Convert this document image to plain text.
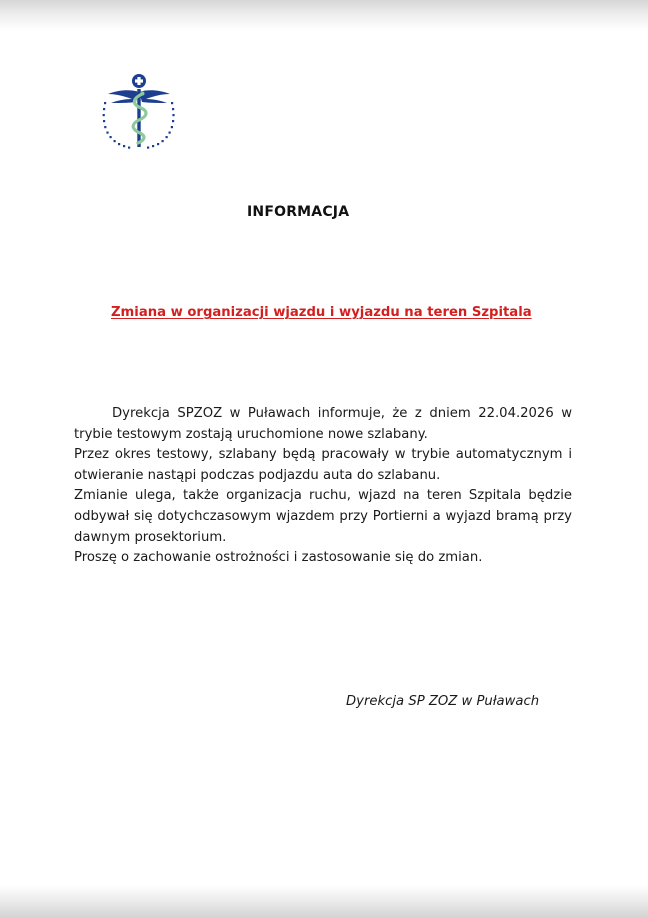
INFORMACJA
Zmiana w organizacji wjazdu i wyjazdu na teren Szpitala

Dyrekcja SPZOZ w Puławach informuje, że z dniem 22.04.2026 w trybie testowym zostają uruchomione nowe szlabany.

Przez okres testowy, szlabany będą pracowały w trybie automatycznym i otwieranie nastąpi podczas podjazdu auta do szlabanu.

Zmianie ulega, także organizacja ruchu, wjazd na teren Szpitala będzie odbywał się dotychczasowym wjazdem przy Portierni a wyjazd bramą przy dawnym prosektorium.

Proszę o zachowanie ostrożności i zastosowanie się do zmian.

Dyrekcja SP ZOZ w Puławach
